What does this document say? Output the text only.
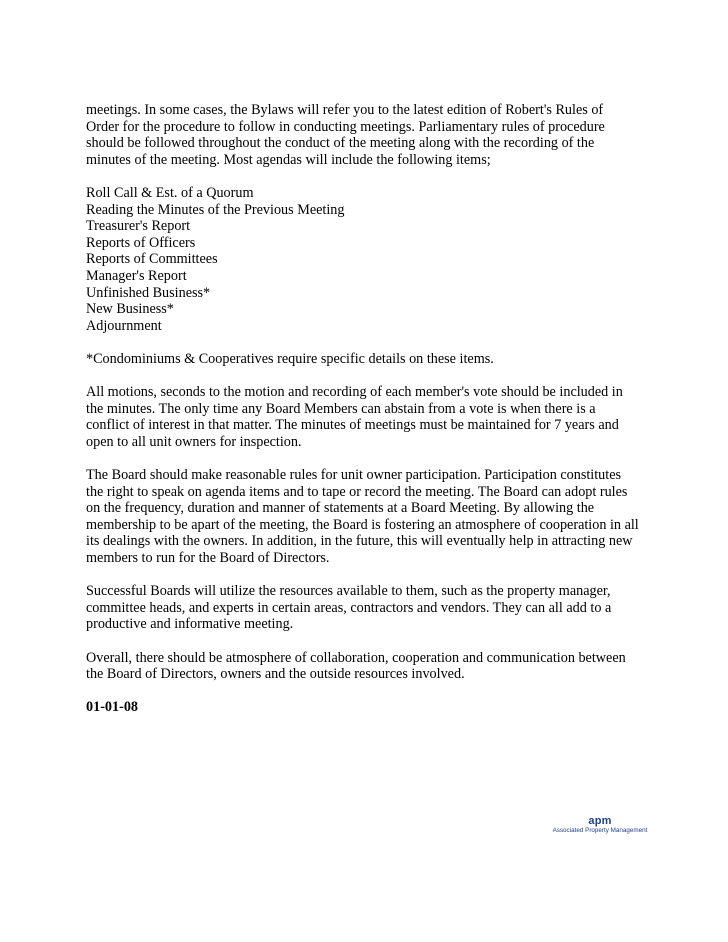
meetings. In some cases, the Bylaws will refer you to the latest edition of Robert's Rules of
Order for the procedure to follow in conducting meetings. Parliamentary rules of procedure
should be followed throughout the conduct of the meeting along with the recording of the
minutes of the meeting. Most agendas will include the following items;

Roll Call & Est. of a Quorum
Reading the Minutes of the Previous Meeting
Treasurer's Report
Reports of Officers
Reports of Committees
Manager's Report
Unfinished Business*
New Business*
Adjournment

*Condominiums & Cooperatives require specific details on these items.

All motions, seconds to the motion and recording of each member's vote should be included in
the minutes. The only time any Board Members can abstain from a vote is when there is a
conflict of interest in that matter. The minutes of meetings must be maintained for 7 years and
open to all unit owners for inspection.

The Board should make reasonable rules for unit owner participation. Participation constitutes
the right to speak on agenda items and to tape or record the meeting. The Board can adopt rules
on the frequency, duration and manner of statements at a Board Meeting. By allowing the
membership to be apart of the meeting, the Board is fostering an atmosphere of cooperation in all
its dealings with the owners. In addition, in the future, this will eventually help in attracting new
members to run for the Board of Directors.

Successful Boards will utilize the resources available to them, such as the property manager,
committee heads, and experts in certain areas, contractors and vendors. They can all add to a
productive and informative meeting.

Overall, there should be atmosphere of collaboration, cooperation and communication between
the Board of Directors, owners and the outside resources involved.

01-01-08

apm
Associated Property Management
